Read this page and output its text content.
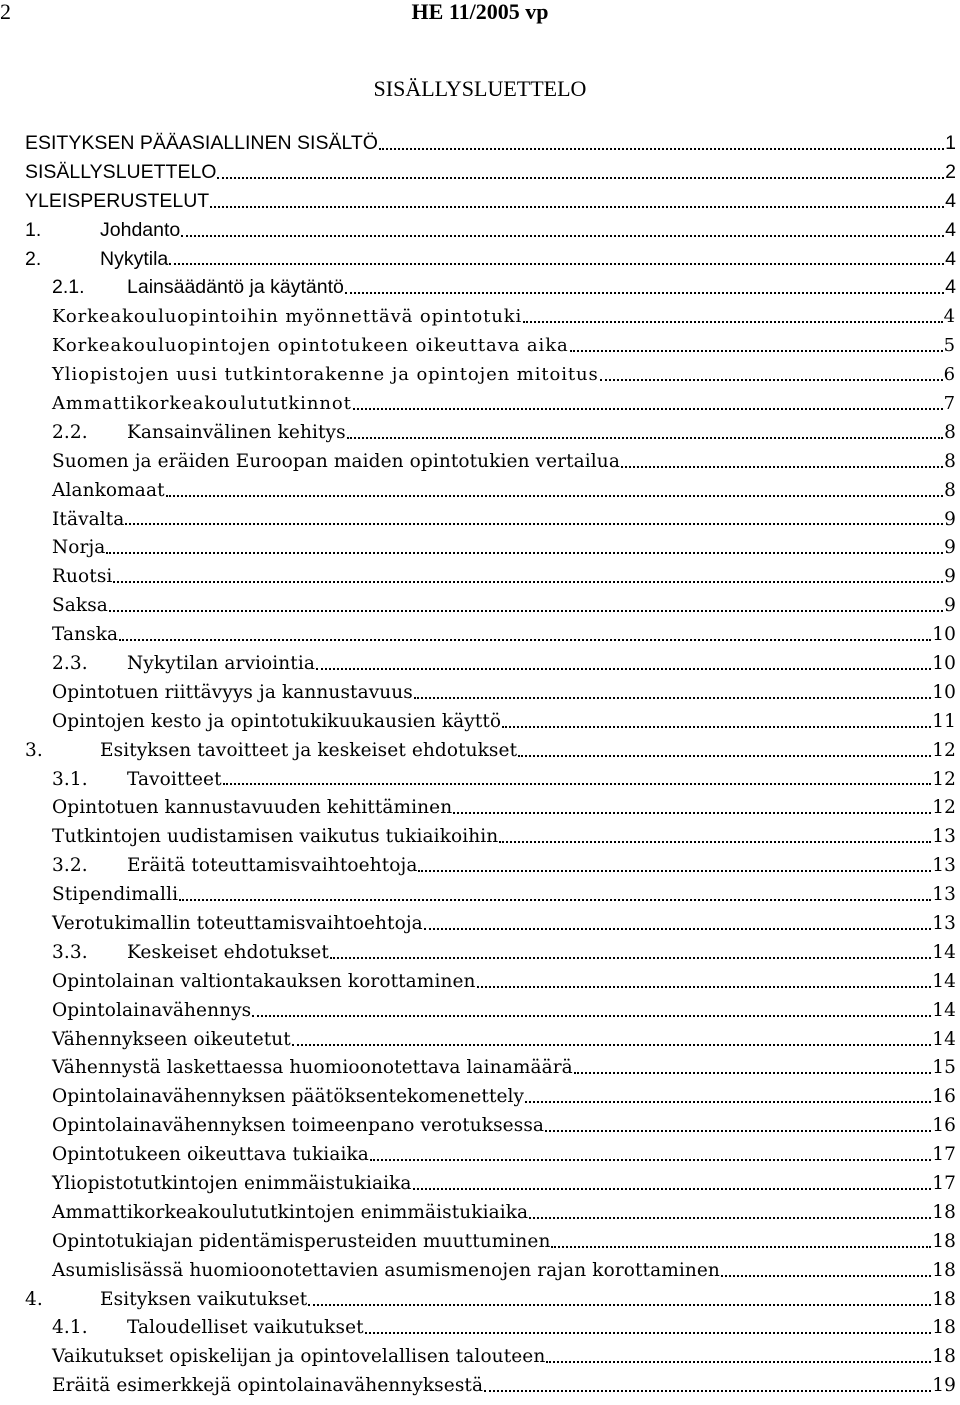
2	HE 11/2005 vp
SISÄLLYSLUETTELO
ESITYKSEN PÄÄASIALLINEN SISÄLTÖ	1
SISÄLLYSLUETTELO	2
YLEISPERUSTELUT	4
1.	Johdanto	4
2.	Nykytila	4
2.1.	Lainsäädäntö ja käytäntö	4
Korkeakouluopintoihin myönnettävä opintotuki	4
Korkeakouluopintojen opintotukeen oikeuttava aika	5
Yliopistojen uusi tutkintorakenne ja opintojen mitoitus	6
Ammattikorkeakoulututkinnot	7
2.2.	Kansainvälinen kehitys	8
Suomen ja eräiden Euroopan maiden opintotukien vertailua	8
Alankomaat	8
Itävalta	9
Norja	9
Ruotsi	9
Saksa	9
Tanska	10
2.3.	Nykytilan arviointia	10
Opintotuen riittävyys ja kannustavuus	10
Opintojen kesto ja opintotukikuukausien käyttö	11
3.	Esityksen tavoitteet ja keskeiset ehdotukset	12
3.1.	Tavoitteet	12
Opintotuen kannustavuuden kehittäminen	12
Tutkintojen uudistamisen vaikutus tukiaikoihin	13
3.2.	Eräitä toteuttamisvaihtoehtoja	13
Stipendimalli	13
Verotukimallin toteuttamisvaihtoehtoja	13
3.3.	Keskeiset ehdotukset	14
Opintolainan valtiontakauksen korottaminen	14
Opintolainavähennys	14
Vähennykseen oikeutetut	14
Vähennystä laskettaessa huomioonotettava lainamäärä	15
Opintolainavähennyksen päätöksentekomenettely	16
Opintolainavähennyksen toimeenpano verotuksessa	16
Opintotukeen oikeuttava tukiaika	17
Yliopistotutkintojen enimmäistukiaika	17
Ammattikorkeakoulututkintojen enimmäistukiaika	18
Opintotukiajan pidentämisperusteiden muuttuminen	18
Asumislisässä huomioonotettavien asumismenojen rajan korottaminen	18
4.	Esityksen vaikutukset	18
4.1.	Taloudelliset vaikutukset	18
Vaikutukset opiskelijan ja opintovelallisen talouteen	18
Eräitä esimerkkejä opintolainavähennyksestä	19
